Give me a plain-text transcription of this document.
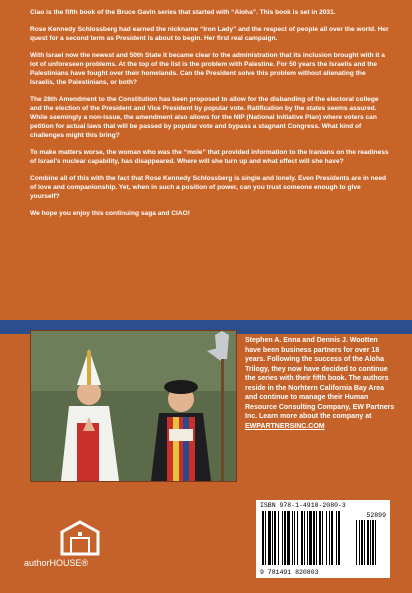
Ciao is the fifth book of the Bruce Gavin series that started with “Aloha”. This book is set in 2031.

Rose Kennedy Schlossberg had earned the nickname “Iron Lady” and the respect of people all over the world. Her quest for a second term as President is about to begin. Her first real campaign.

With Israel now the newest and 50th State it became clear to the administration that its inclusion brought with it a lot of unforeseen problems. At the top of the list is the problem with Palestine. For 50 years the Israelis and the Palestinians have fought over their homelands. Can the President solve this problem without alienating the Israelis, the Palestinians, or both?

The 28th Amendment to the Constitution has been proposed to allow for the disbanding of the electoral college and the election of the President and Vice President by popular vote. Ratification by the states seems assured. While seemingly a non-issue, the amendment also allows for the NIP (National Initiative Plan) where voters can petition for actual laws that will be passed by popular vote and bypass a stagnant Congress. What kind of challenges might this bring?

To make matters worse, the woman who was the “mole” that provided information to the Iranians on the readiness of Israel’s nuclear capability, has disappeared. Where will she turn up and what effect will she have?

Combine all of this with the fact that Rose Kennedy Schlossberg is single and lonely. Even Presidents are in need of love and companionship. Yet, when in such a position of power, can you trust someone enough to give yourself?

We hope you enjoy this continuing saga and CIAO!

Stephen A. Enna and Dennis J. Wootten have been business partners for over 18 years. Following the success of the Aloha Trilogy, they now have decided to continue the series with their fifth book. The authors reside in the Norhtern California Bay Area and continue to manage their Human Resource Consulting Company, EW Partners Inc. Learn more about the company at EWPARTNERSINC.COM
authorHOUSE®
ISBN 978-1-4918-2080-3
52899
9 781491 820803
